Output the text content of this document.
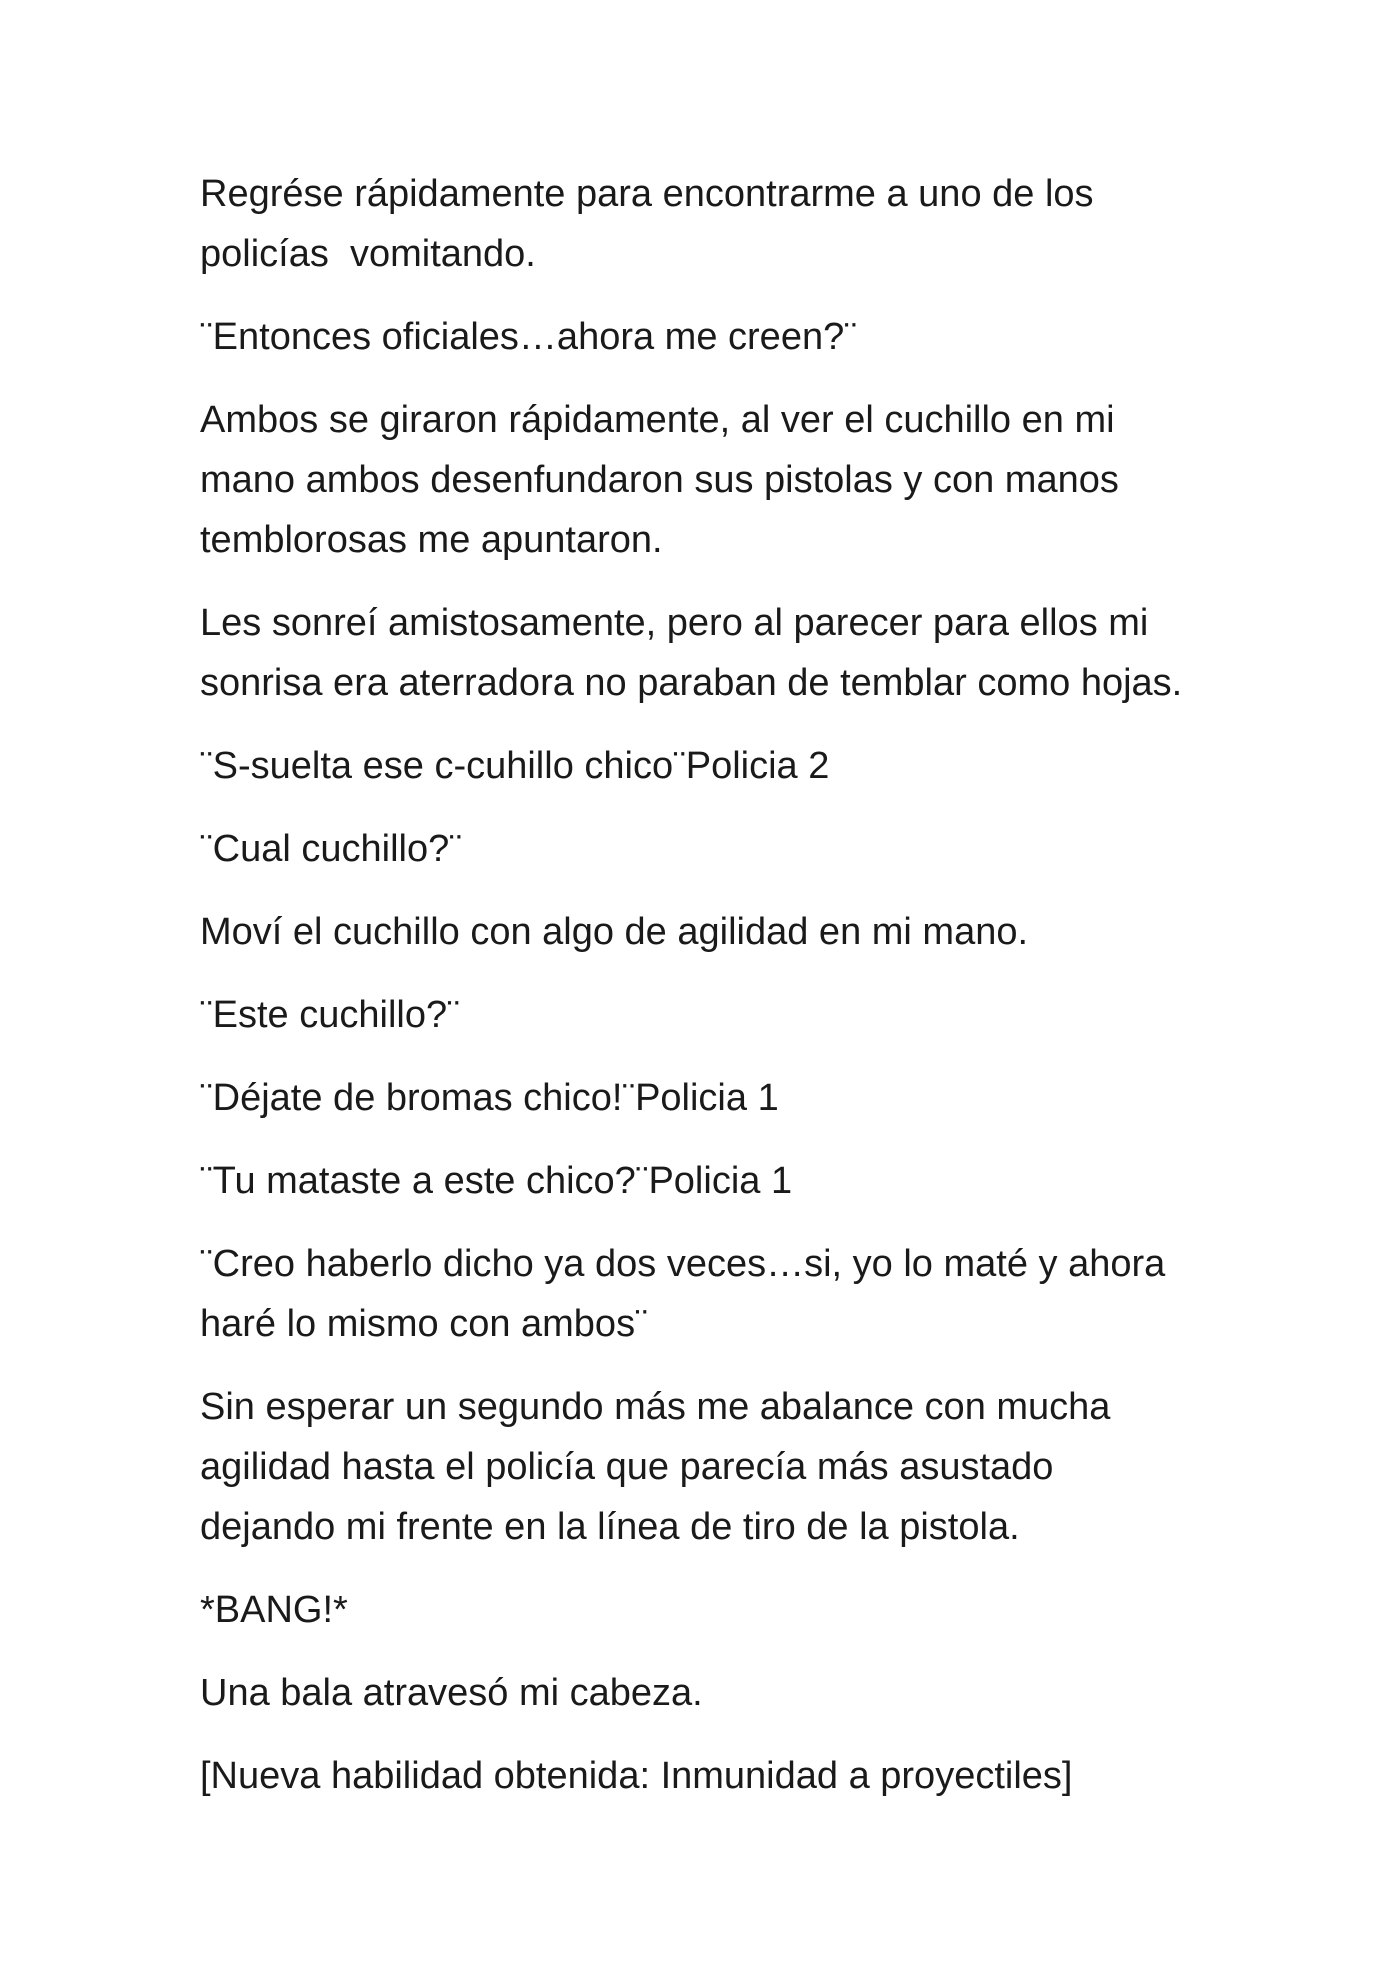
Regrése rápidamente para encontrarme a uno de los
policías  vomitando.

¨Entonces oficiales…ahora me creen?¨

Ambos se giraron rápidamente, al ver el cuchillo en mi
mano ambos desenfundaron sus pistolas y con manos
temblorosas me apuntaron.

Les sonreí amistosamente, pero al parecer para ellos mi
sonrisa era aterradora no paraban de temblar como hojas.

¨S-suelta ese c-cuhillo chico¨Policia 2

¨Cual cuchillo?¨

Moví el cuchillo con algo de agilidad en mi mano.

¨Este cuchillo?¨

¨Déjate de bromas chico!¨Policia 1

¨Tu mataste a este chico?¨Policia 1

¨Creo haberlo dicho ya dos veces…si, yo lo maté y ahora
haré lo mismo con ambos¨

Sin esperar un segundo más me abalance con mucha
agilidad hasta el policía que parecía más asustado
dejando mi frente en la línea de tiro de la pistola.

*BANG!*

Una bala atravesó mi cabeza.

[Nueva habilidad obtenida: Inmunidad a proyectiles]
